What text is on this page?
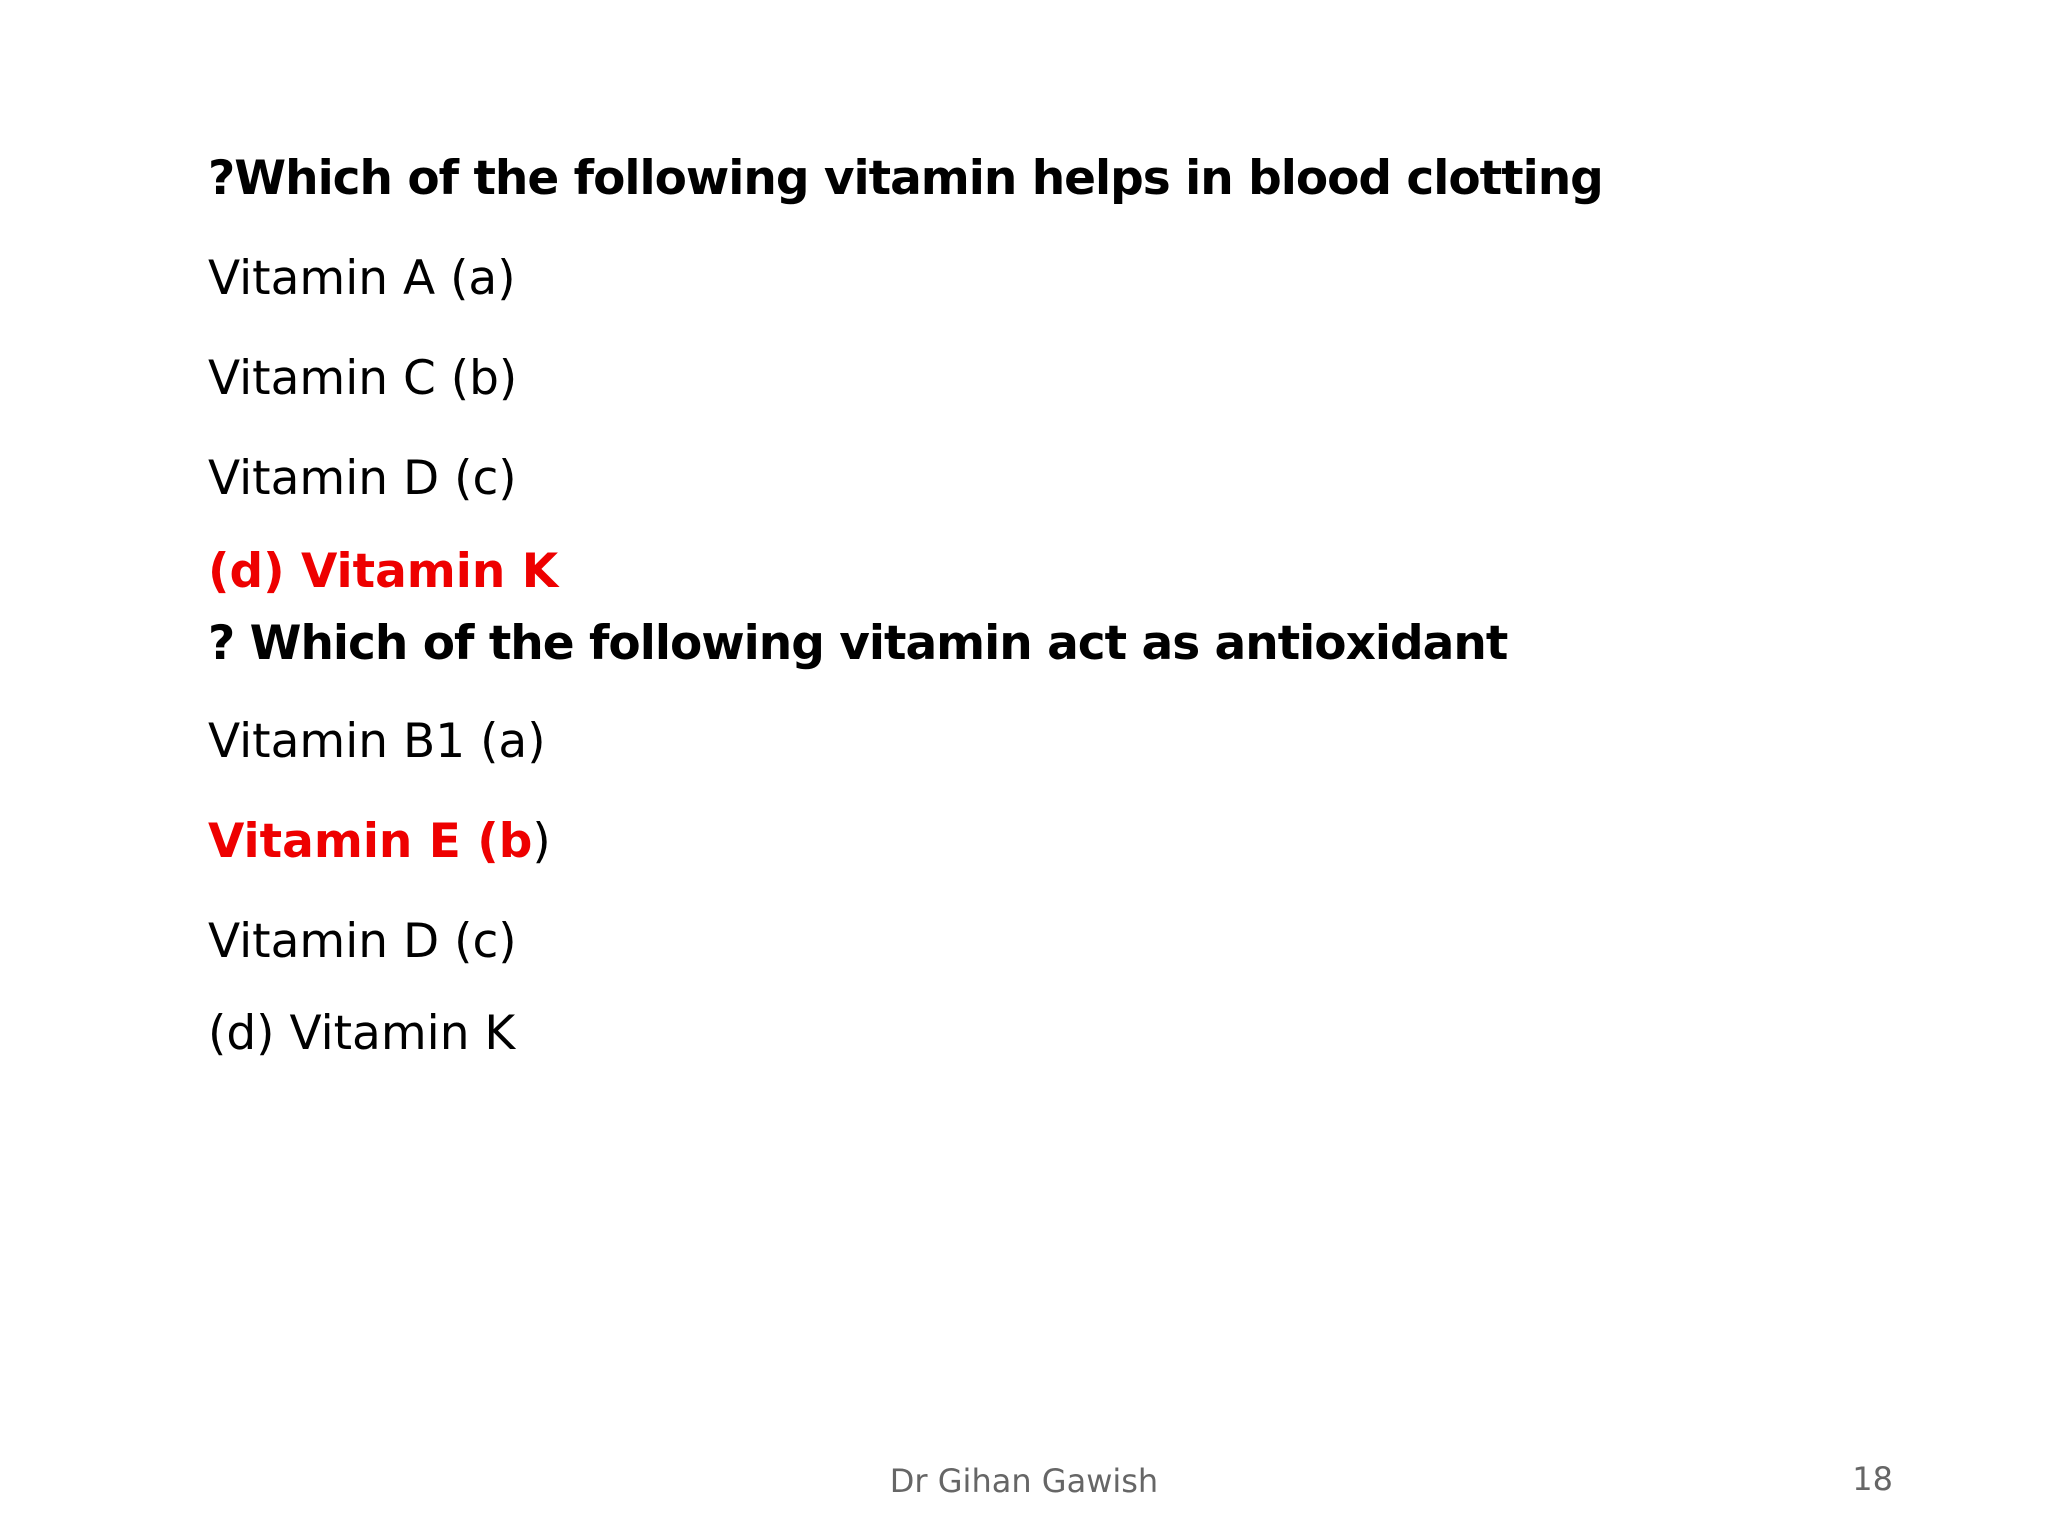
?Which of the following vitamin helps in blood clotting
Vitamin A (a)
Vitamin C (b)
Vitamin D (c)
(d) Vitamin K
? Which of the following vitamin act as antioxidant
Vitamin B1 (a)
Vitamin E (b)
Vitamin D (c)
(d) Vitamin K
Dr Gihan Gawish	18
